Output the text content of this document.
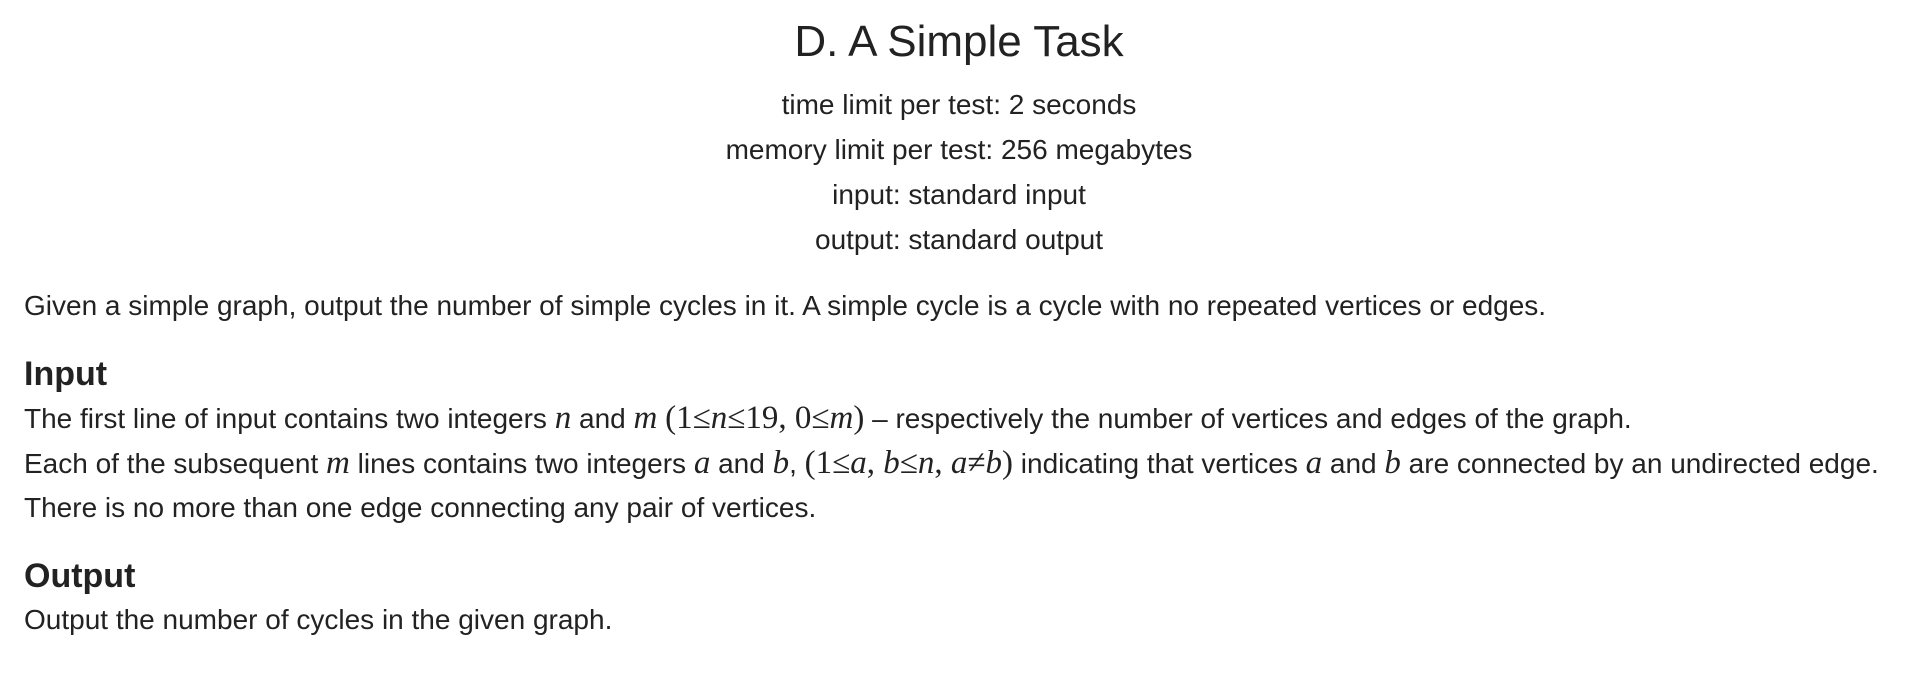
D. A Simple Task
time limit per test: 2 seconds
memory limit per test: 256 megabytes
input: standard input
output: standard output
Given a simple graph, output the number of simple cycles in it. A simple cycle is a cycle with no repeated vertices or edges.
Input
The first line of input contains two integers n and m (1≤n≤19, 0≤m) – respectively the number of vertices and edges of the graph.
Each of the subsequent m lines contains two integers a and b, (1≤a, b≤n, a≠b) indicating that vertices a and b are connected by an undirected edge. There is no more than one edge connecting any pair of vertices.
Output
Output the number of cycles in the given graph.
